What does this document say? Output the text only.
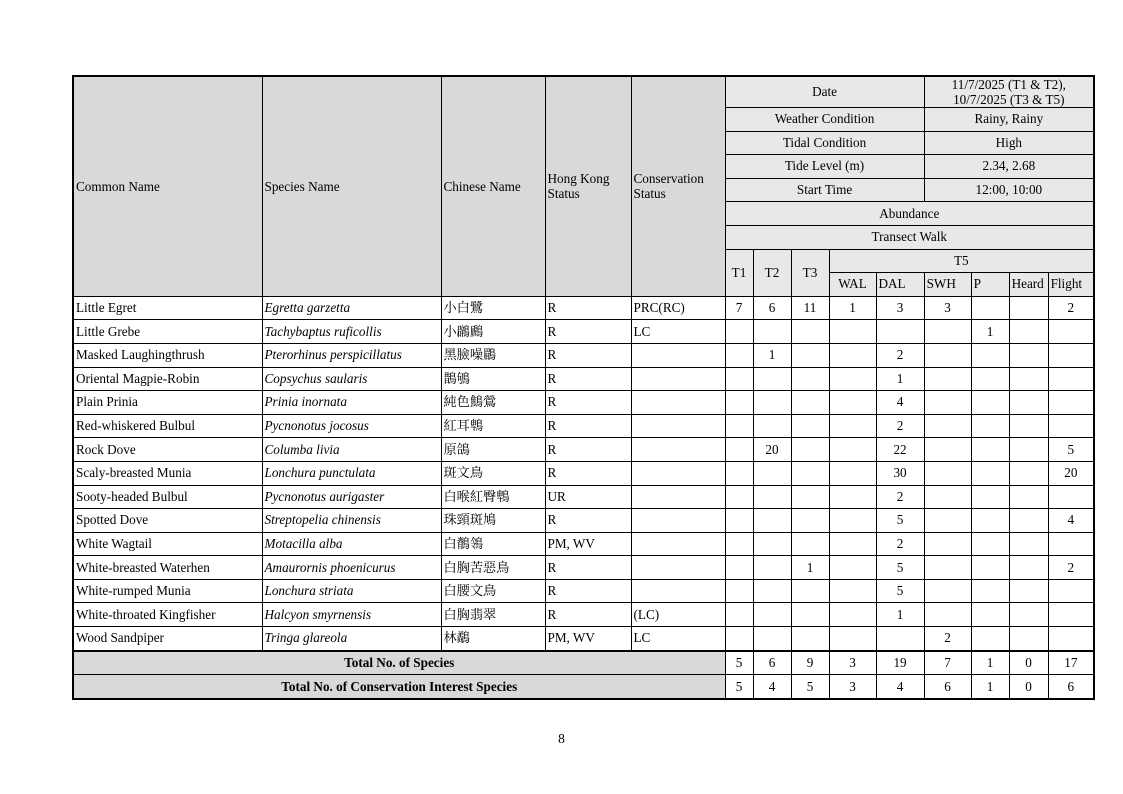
Common Name	Species Name	Chinese Name	Hong Kong Status	Conservation Status	Date					11/7/2025 (T1 & T2), 10/7/2025 (T3 & T5)			
					Weather Condition					Rainy, Rainy			
					Tidal Condition					High			
					Tide Level (m)					2.34, 2.68			
					Start Time					12:00, 10:00			
					Abundance								
					Transect Walk								
					T1	T2	T3	T5					
								WAL	DAL	SWH	P	Heard	Flight
Little Egret	Egretta garzetta	小白鷺	R	PRC(RC)	7	6	11	1	3	3			2
Little Grebe	Tachybaptus ruficollis	小鸊鷉	R	LC							1		
Masked Laughingthrush	Pterorhinus perspicillatus	黑臉噪鶥	R			1			2				
Oriental Magpie-Robin	Copsychus saularis	鵲鴝	R						1				
Plain Prinia	Prinia inornata	純色鷦鶯	R						4				
Red-whiskered Bulbul	Pycnonotus jocosus	紅耳鵯	R						2				
Rock Dove	Columba livia	原鴿	R			20			22				5
Scaly-breasted Munia	Lonchura punctulata	斑文鳥	R						30				20
Sooty-headed Bulbul	Pycnonotus aurigaster	白喉紅臀鵯	UR						2				
Spotted Dove	Streptopelia chinensis	珠頸斑鳩	R						5				4
White Wagtail	Motacilla alba	白鶺鴒	PM, WV						2				
White-breasted Waterhen	Amaurornis phoenicurus	白胸苦惡鳥	R				1		5				2
White-rumped Munia	Lonchura striata	白腰文鳥	R						5				
White-throated Kingfisher	Halcyon smyrnensis	白胸翡翠	R	(LC)					1				
Wood Sandpiper	Tringa glareola	林鷸	PM, WV	LC						2			
Total No. of Species					5	6	9	3	19	7	1	0	17
Total No. of Conservation Interest Species					5	4	5	3	4	6	1	0	6
8
